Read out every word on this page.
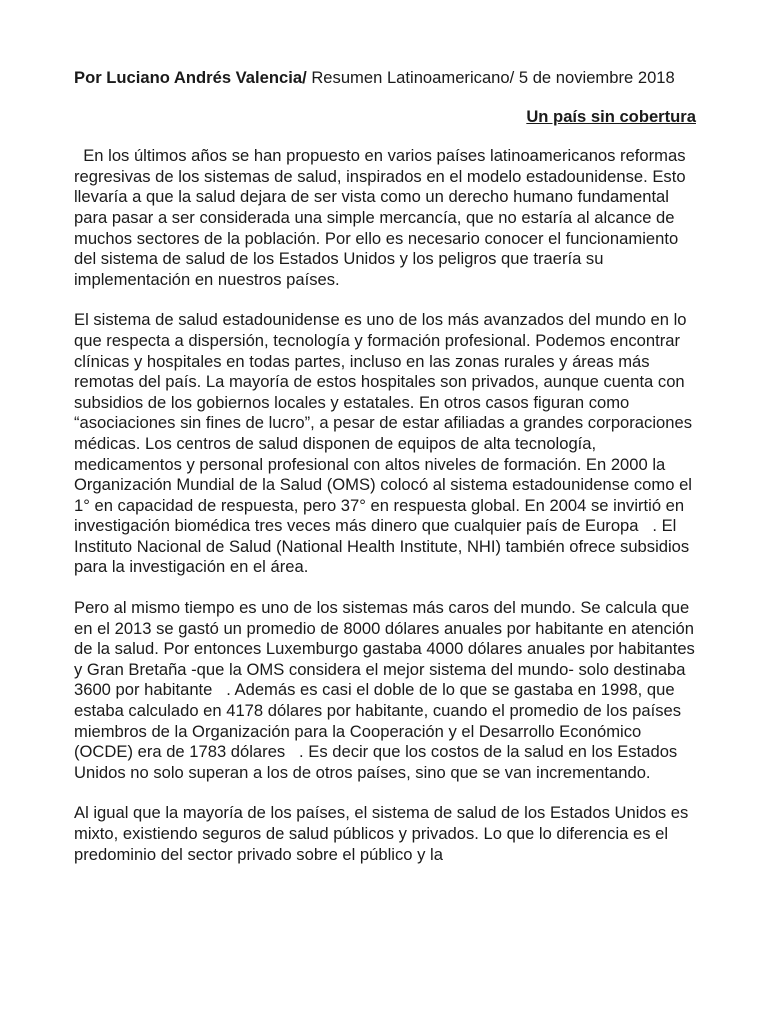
Por Luciano Andrés Valencia/ Resumen Latinoamericano/ 5 de noviembre 2018

Un país sin cobertura

En los últimos años se han propuesto en varios países latinoamericanos reformas regresivas de los sistemas de salud, inspirados en el modelo estadounidense. Esto llevaría a que la salud dejara de ser vista como un derecho humano fundamental para pasar a ser considerada una simple mercancía, que no estaría al alcance de muchos sectores de la población. Por ello es necesario conocer el funcionamiento del sistema de salud de los Estados Unidos y los peligros que traería su implementación en nuestros países.

El sistema de salud estadounidense es uno de los más avanzados del mundo en lo que respecta a dispersión, tecnología y formación profesional. Podemos encontrar clínicas y hospitales en todas partes, incluso en las zonas rurales y áreas más remotas del país. La mayoría de estos hospitales son privados, aunque cuenta con subsidios de los gobiernos locales y estatales. En otros casos figuran como “asociaciones sin fines de lucro”, a pesar de estar afiliadas a grandes corporaciones médicas. Los centros de salud disponen de equipos de alta tecnología, medicamentos y personal profesional con altos niveles de formación. En 2000 la Organización Mundial de la Salud (OMS) colocó al sistema estadounidense como el 1° en capacidad de respuesta, pero 37° en respuesta global. En 2004 se invirtió en investigación biomédica tres veces más dinero que cualquier país de Europa   . El Instituto Nacional de Salud (National Health Institute, NHI) también ofrece subsidios para la investigación en el área.

Pero al mismo tiempo es uno de los sistemas más caros del mundo. Se calcula que en el 2013 se gastó un promedio de 8000 dólares anuales por habitante en atención de la salud. Por entonces Luxemburgo gastaba 4000 dólares anuales por habitantes y Gran Bretaña -que la OMS considera el mejor sistema del mundo- solo destinaba 3600 por habitante   . Además es casi el doble de lo que se gastaba en 1998, que estaba calculado en 4178 dólares por habitante, cuando el promedio de los países miembros de la Organización para la Cooperación y el Desarrollo Económico (OCDE) era de 1783 dólares   . Es decir que los costos de la salud en los Estados Unidos no solo superan a los de otros países, sino que se van incrementando.

Al igual que la mayoría de los países, el sistema de salud de los Estados Unidos es mixto, existiendo seguros de salud públicos y privados. Lo que lo diferencia es el predominio del sector privado sobre el público y la
